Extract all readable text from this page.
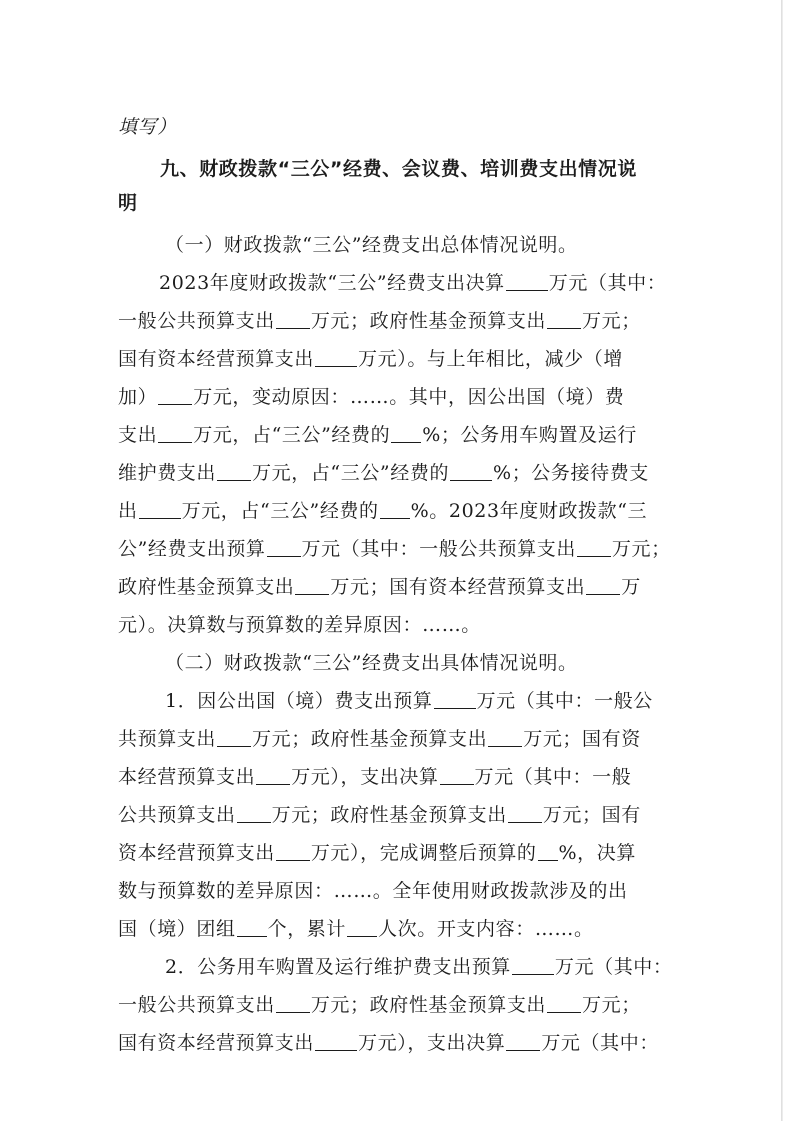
填写）
九、财政拨款“三公”经费、会议费、培训费支出情况说
明
（一）财政拨款“三公”经费支出总体情况说明。
2023年度财政拨款“三公”经费支出决算 万元（其中：
一般公共预算支出 万元；政府性基金预算支出 万元；
国有资本经营预算支出 万元）。与上年相比，减少（增
加） 万元，变动原因：……。其中，因公出国（境）费
支出 万元，占“三公”经费的 %；公务用车购置及运行
维护费支出 万元，占“三公”经费的 %；公务接待费支
出 万元，占“三公”经费的 %。2023年度财政拨款“三
公”经费支出预算 万元（其中：一般公共预算支出 万元；
政府性基金预算支出 万元；国有资本经营预算支出 万
元）。决算数与预算数的差异原因：……。
（二）财政拨款“三公”经费支出具体情况说明。
1．因公出国（境）费支出预算 万元（其中：一般公
共预算支出 万元；政府性基金预算支出 万元；国有资
本经营预算支出 万元），支出决算 万元（其中：一般
公共预算支出 万元；政府性基金预算支出 万元；国有
资本经营预算支出 万元），完成调整后预算的 %，决算
数与预算数的差异原因：……。全年使用财政拨款涉及的出
国（境）团组 个，累计 人次。开支内容：……。
2．公务用车购置及运行维护费支出预算 万元（其中：
一般公共预算支出 万元；政府性基金预算支出 万元；
国有资本经营预算支出 万元），支出决算 万元（其中：
